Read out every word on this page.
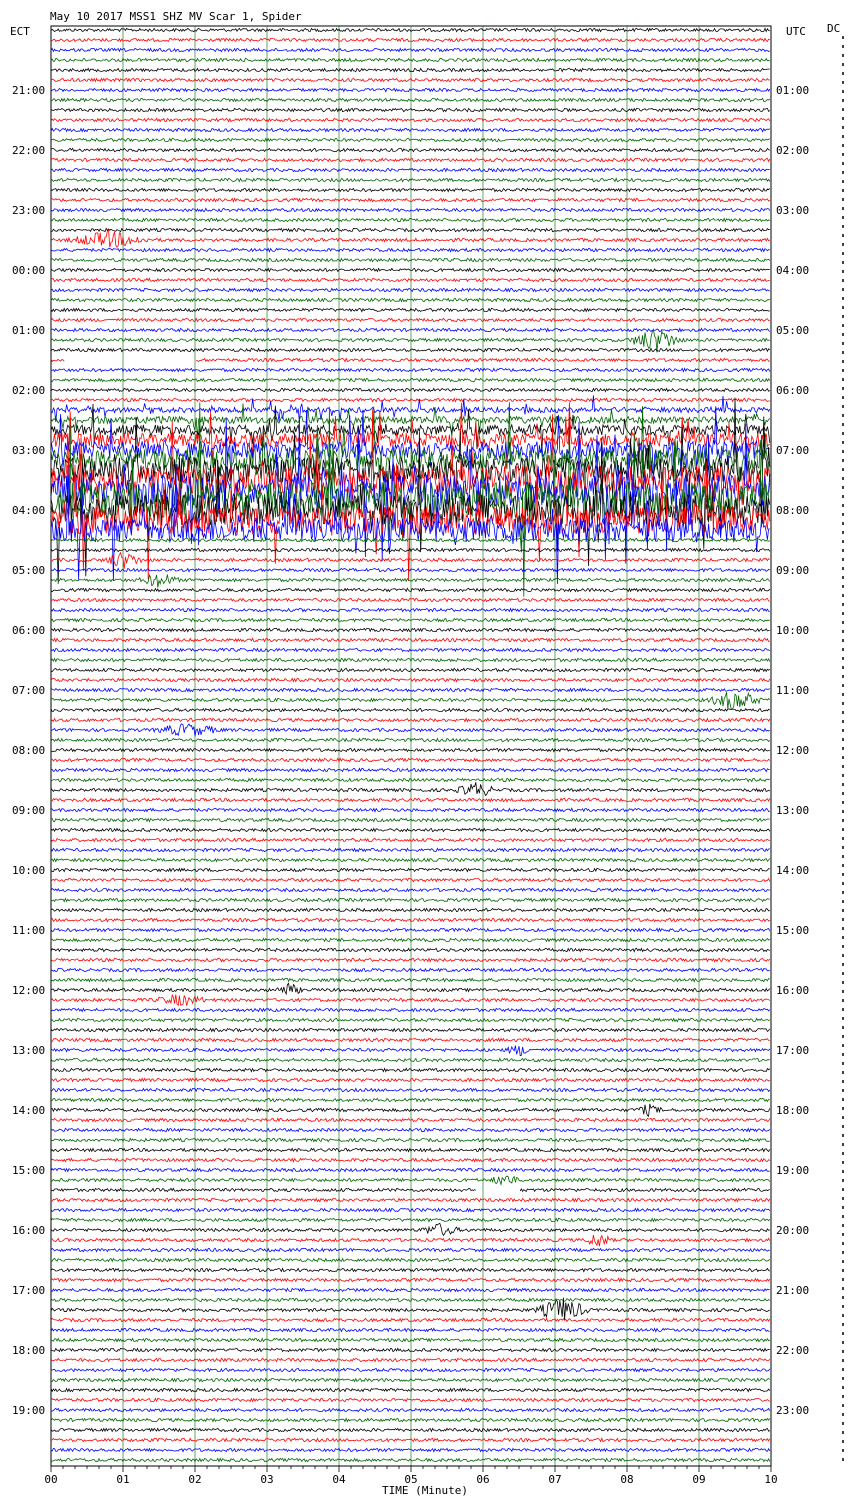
May 10 2017 MSS1 SHZ MV Scar 1, Spider
ECT	UTC DC
21:00
22:00
23:00
00:00
01:00
02:00
03:00
04:00
05:00
06:00
07:00
08:00
09:00
10:00
11:00
12:00
13:00
14:00
15:00
16:00
17:00
18:00
19:00
01:00
02:00
03:00
04:00
05:00
06:00
07:00
08:00
09:00
10:00
11:00
12:00
13:00
14:00
15:00
16:00
17:00
18:00
19:00
20:00
21:00
22:00
23:00
00	01	02	03	04	05	06	07	08	09	10
TIME (Minute)
